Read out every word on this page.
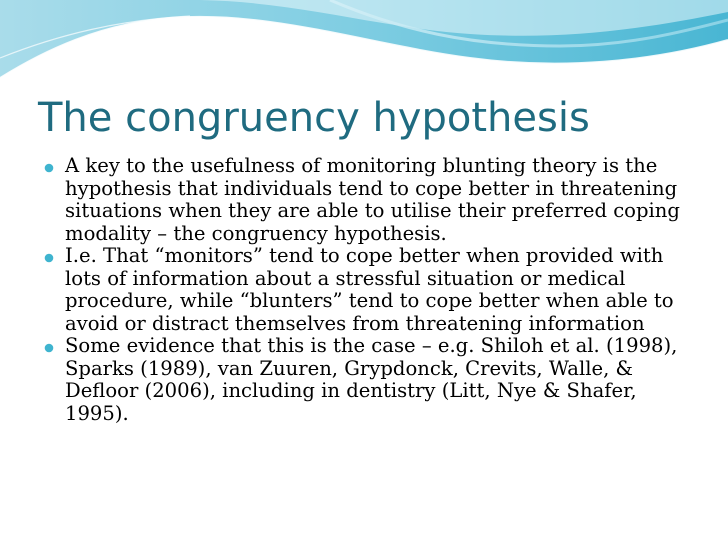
The congruency hypothesis
A key to the usefulness of monitoring blunting theory is the hypothesis that individuals tend to cope better in threatening situations when they are able to utilise their preferred coping modality – the congruency hypothesis.
I.e. That “monitors” tend to cope better when provided with lots of information about a stressful situation or medical procedure, while “blunters” tend to cope better when able to avoid or distract themselves from threatening information
Some evidence that this is the case – e.g. Shiloh et al. (1998), Sparks (1989), van Zuuren, Grypdonck, Crevits, Walle, & Defloor (2006), including in dentistry (Litt, Nye & Shafer, 1995).
